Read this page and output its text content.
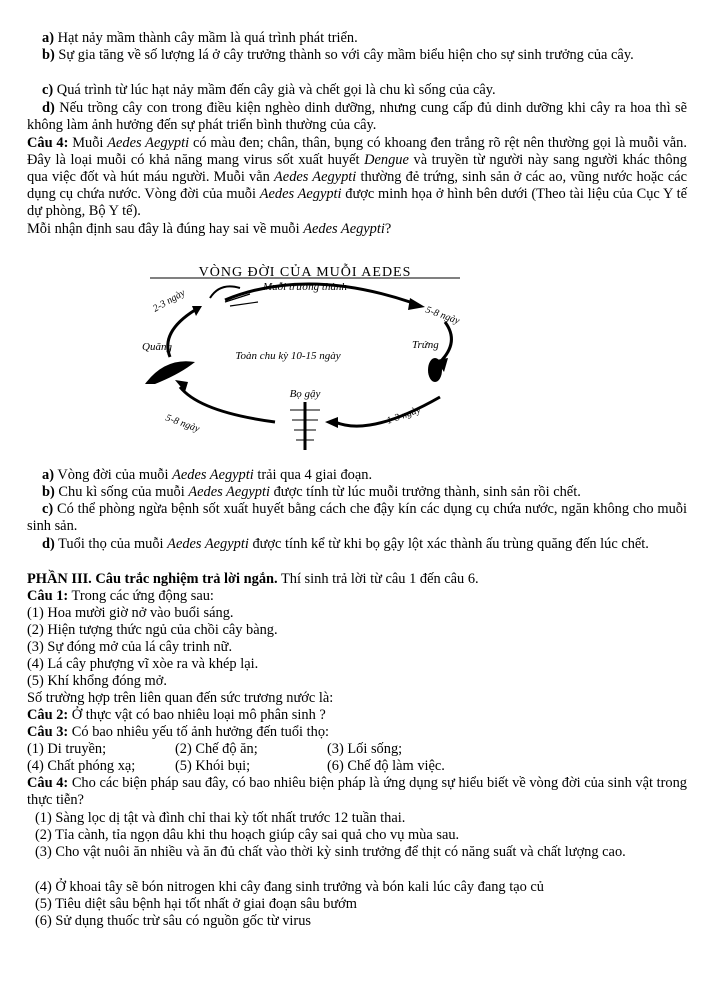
a) Hạt nảy mầm thành cây mầm là quá trình phát triển.

b) Sự gia tăng về số lượng lá ở cây trưởng thành so với cây mầm biểu hiện cho sự sinh trưởng của cây.

c) Quá trình từ lúc hạt nảy mầm đến cây già và chết gọi là chu kì sống của cây.

d) Nếu trồng cây con trong điều kiện nghèo dinh dưỡng, nhưng cung cấp đủ dinh dưỡng khi cây ra hoa thì sẽ không làm ảnh hưởng đến sự phát triển bình thường của cây.

Câu 4: Muỗi Aedes Aegypti có màu đen; chân, thân, bụng có khoang đen trắng rõ rệt nên thường gọi là muỗi vằn. Đây là loại muỗi có khả năng mang virus sốt xuất huyết Dengue và truyền từ người này sang người khác thông qua việc đốt và hút máu người. Muỗi vằn Aedes Aegypti thường đẻ trứng, sinh sản ở các ao, vũng nước hoặc các dụng cụ chứa nước. Vòng đời của muỗi Aedes Aegypti được minh họa ở hình bên dưới (Theo tài liệu của Cục Y tế dự phòng, Bộ Y tế).

Mỗi nhận định sau đây là đúng hay sai về muỗi Aedes Aegypti?

VÒNG ĐỜI CỦA MUỖI AEDES
Muỗi trưởng thành
5-8 ngày
2-3 ngày
Quăng	Trứng
Toàn chu kỳ 10-15 ngày
Bọ gậy
5-8 ngày	1-3 ngày

a) Vòng đời của muỗi Aedes Aegypti trải qua 4 giai đoạn.

b) Chu kì sống của muỗi Aedes Aegypti được tính từ lúc muỗi trưởng thành, sinh sản rồi chết.

c) Có thể phòng ngừa bệnh sốt xuất huyết bằng cách che đậy kín các dụng cụ chứa nước, ngăn không cho muỗi sinh sản.

d) Tuổi thọ của muỗi Aedes Aegypti được tính kể từ khi bọ gậy lột xác thành ấu trùng quăng đến lúc chết.

PHẦN III. Câu trắc nghiệm trả lời ngắn. Thí sinh trả lời từ câu 1 đến câu 6.

Câu 1: Trong các ứng động sau:

(1) Hoa mười giờ nở vào buổi sáng.

(2) Hiện tượng thức ngủ của chồi cây bàng.

(3) Sự đóng mở của lá cây trinh nữ.

(4) Lá cây phượng vĩ xòe ra và khép lại.

(5) Khí khổng đóng mở.

Số trường hợp trên liên quan đến sức trương nước là:

Câu 2: Ở thực vật có bao nhiêu loại mô phân sinh ?

Câu 3: Có bao nhiêu yếu tố ảnh hưởng đến tuổi thọ:

(1) Di truyền;	(2) Chế độ ăn;	(3) Lối sống;
(4) Chất phóng xạ;	(5) Khói bụi;	(6) Chế độ làm việc.

Câu 4: Cho các biện pháp sau đây, có bao nhiêu biện pháp là ứng dụng sự hiểu biết về vòng đời của sinh vật trong thực tiễn?

(1) Sàng lọc dị tật và đình chỉ thai kỳ tốt nhất trước 12 tuần thai.

(2) Tỉa cành, tỉa ngọn dâu khi thu hoạch giúp cây sai quả cho vụ mùa sau.

(3) Cho vật nuôi ăn nhiều và ăn đủ chất vào thời kỳ sinh trưởng để thịt có năng suất và chất lượng cao.

(4) Ở khoai tây sẽ bón nitrogen khi cây đang sinh trưởng và bón kali lúc cây đang tạo củ

(5) Tiêu diệt sâu bệnh hại tốt nhất ở giai đoạn sâu bướm

(6) Sử dụng thuốc trừ sâu có nguồn gốc từ virus
